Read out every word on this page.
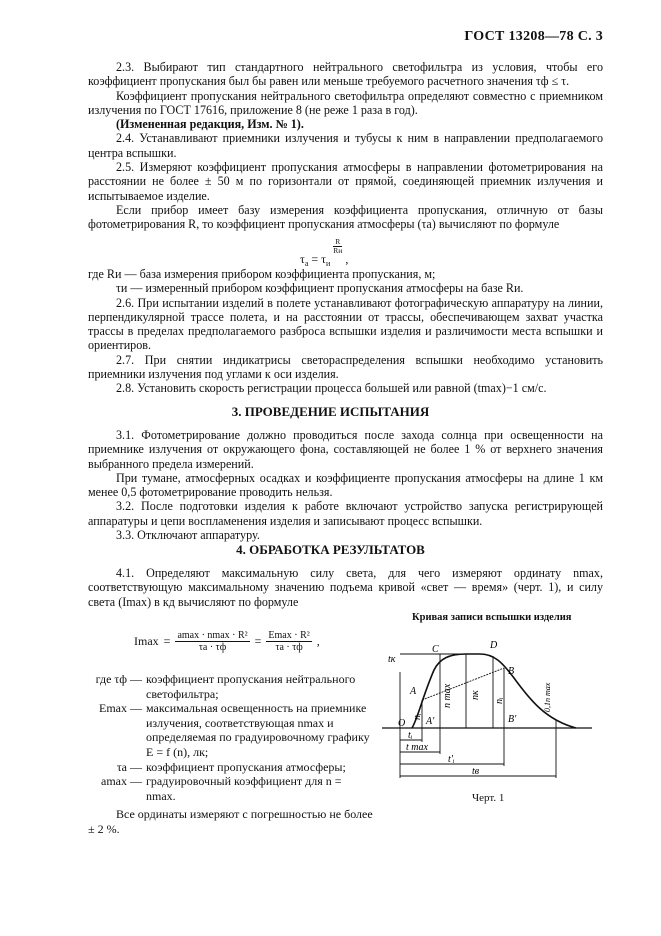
ГОСТ 13208—78 С. 3

2.3. Выбирают тип стандартного нейтрального светофильтра из условия, чтобы его коэффициент пропускания был бы равен или меньше требуемого расчетного значения τф ≤ τ.

Коэффициент пропускания нейтрального светофильтра определяют совместно с приемником излучения по ГОСТ 17616, приложение 8 (не реже 1 раза в год).

(Измененная редакция, Изм. № 1).

2.4. Устанавливают приемники излучения и тубусы к ним в направлении предполагаемого центра вспышки.

2.5. Измеряют коэффициент пропускания атмосферы в направлении фотометрирования на расстоянии не более ± 50 м по горизонтали от прямой, соединяющей приемник излучения и испытываемое изделие.

Если прибор имеет базу измерения коэффициента пропускания, отличную от базы фотометрирования R, то коэффициент пропускания атмосферы (τа) вычисляют по формуле

$\tau_а = \tau_и$
R
Rи
,

где Rи — база измерения прибором коэффициента пропускания, м;

τи — измеренный прибором коэффициент пропускания атмосферы на базе Rи.

2.6. При испытании изделий в полете устанавливают фотографическую аппаратуру на линии, перпендикулярной трассе полета, и на расстоянии от трассы, обеспечивающем захват участка трассы в пределах предполагаемого разброса вспышки изделия и различимости места вспышки и ориентиров.

2.7. При снятии индикатрисы светораспределения вспышки необходимо установить приемники излучения под углами к оси изделия.

2.8. Установить скорость регистрации процесса большей или равной (tmax)−1 см/с.

3. ПРОВЕДЕНИЕ ИСПЫТАНИЯ

3.1. Фотометрирование должно проводиться после захода солнца при освещенности на приемнике излучения от окружающего фона, составляющей не более 1 % от верхнего значения выбранного предела измерений.

При тумане, атмосферных осадках и коэффициенте пропускания атмосферы на длине 1 км менее 0,5 фотометрирование проводить нельзя.

3.2. После подготовки изделия к работе включают устройство запуска регистрирующей аппаратуры и цепи воспламенения изделия и записывают процесс вспышки.

3.3. Отключают аппаратуру.

4. ОБРАБОТКА РЕЗУЛЬТАТОВ

4.1. Определяют максимальную силу света, для чего измеряют ординату nmax, соответствующую максимальному значению подъема кривой «свет — время» (черт. 1), и силу света (Imax) в кд вычисляют по формуле

Imax = amax · nmax · R²
τа · τф = Emax · R²
τа · τф ,
где τф — коэффициент пропускания нейтрального светофильтра;
Emax — максимальная освещенность на приемнике излучения, соответствующая nmax и определяемая по градуировочному графику E = f (n), лк;
τа — коэффициент пропускания атмосферы;
amax — градуировочный коэффициент для n = nmax.

Все ординаты измеряют с погрешностью не более ± 2 %.

Кривая записи вспышки изделия
tк
C	D
A
B
O A'	B'
n max nк
nᵢ
nᵢ	0,1n max
tᵢ
t max
t'ᵢ
tв
Черт. 1
